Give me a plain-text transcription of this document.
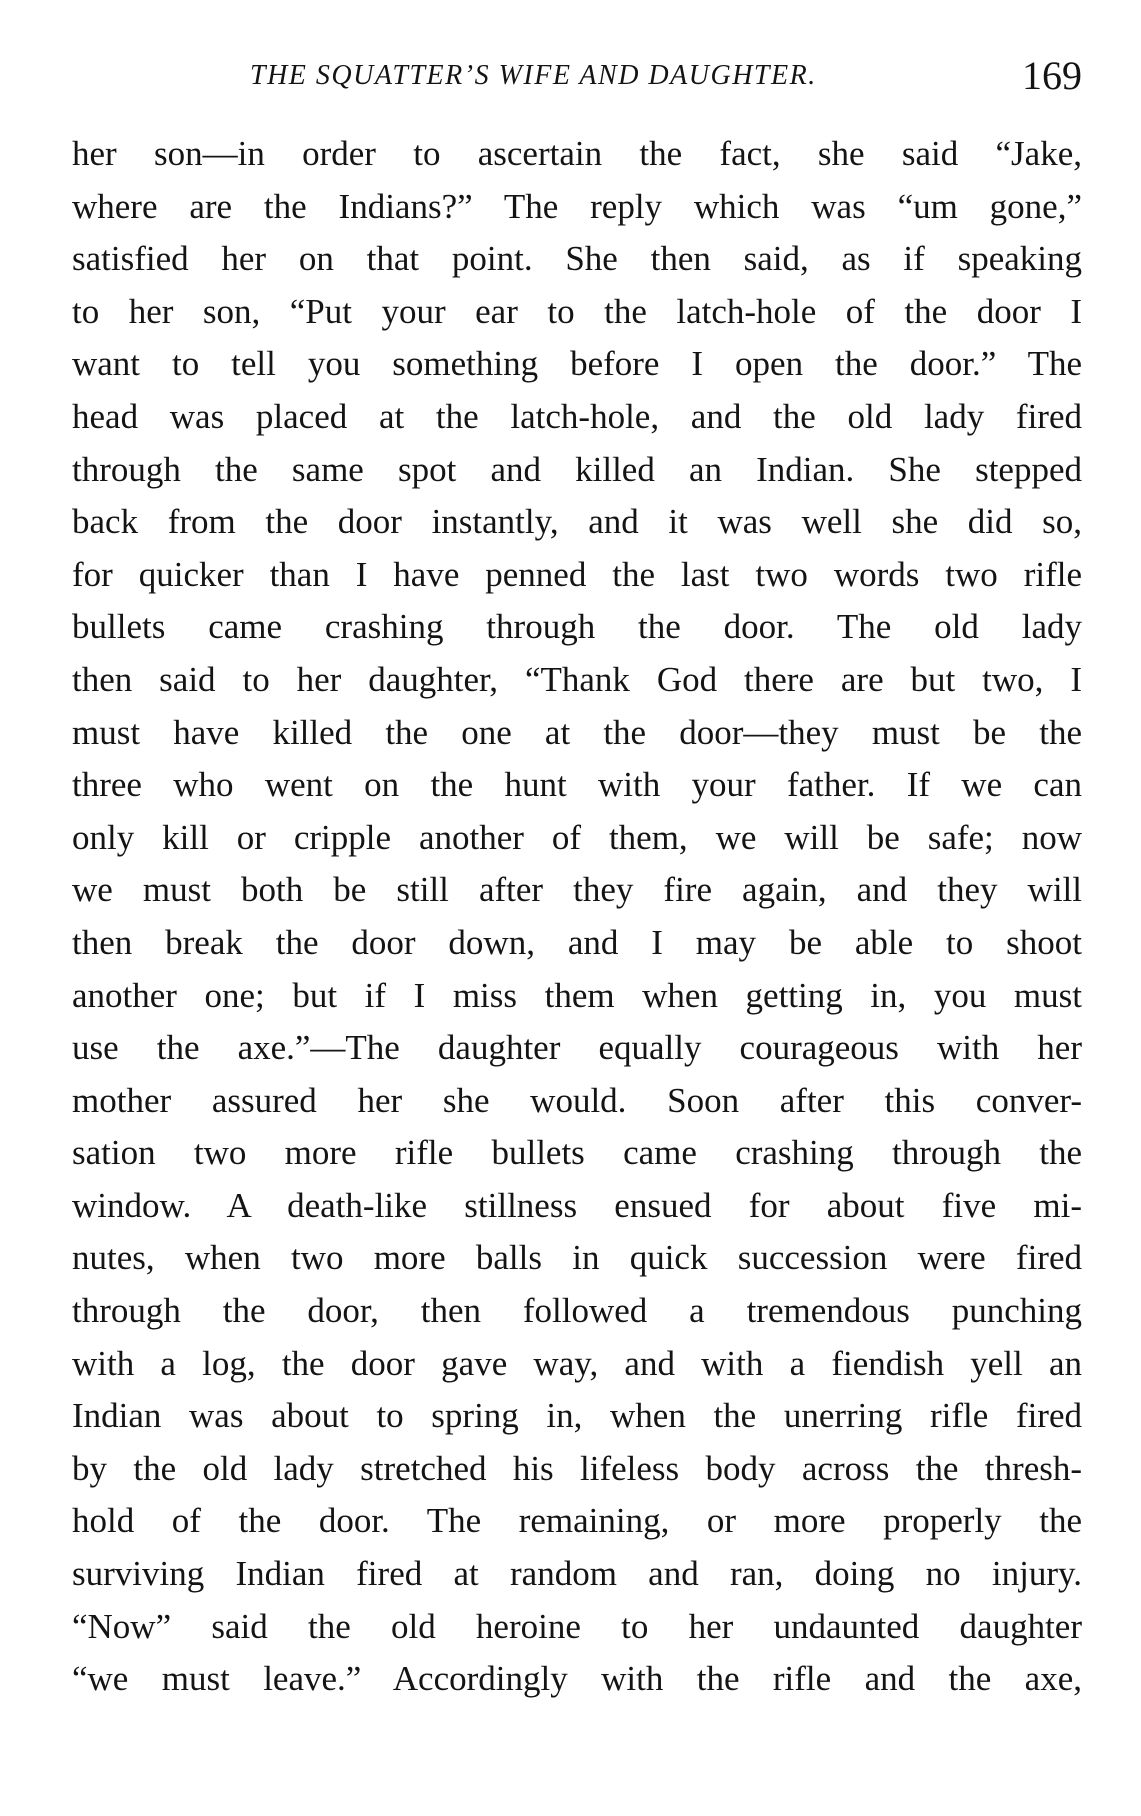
THE SQUATTER’S WIFE AND DAUGHTER.	169
her son—in order to ascertain the fact, she said “Jake,
where are the Indians?” The reply which was “um gone,”
satisfied her on that point. She then said, as if speaking
to her son, “Put your ear to the latch-hole of the door I
want to tell you something before I open the door.” The
head was placed at the latch-hole, and the old lady fired
through the same spot and killed an Indian. She stepped
back from the door instantly, and it was well she did so,
for quicker than I have penned the last two words two rifle
bullets came crashing through the door. The old lady
then said to her daughter, “Thank God there are but two, I
must have killed the one at the door—they must be the
three who went on the hunt with your father. If we can
only kill or cripple another of them, we will be safe; now
we must both be still after they fire again, and they will
then break the door down, and I may be able to shoot
another one; but if I miss them when getting in, you must
use the axe.”—The daughter equally courageous with her
mother assured her she would. Soon after this conver-
sation two more rifle bullets came crashing through the
window. A death-like stillness ensued for about five mi-
nutes, when two more balls in quick succession were fired
through the door, then followed a tremendous punching
with a log, the door gave way, and with a fiendish yell an
Indian was about to spring in, when the unerring rifle fired
by the old lady stretched his lifeless body across the thresh-
hold of the door. The remaining, or more properly the
surviving Indian fired at random and ran, doing no injury.
“Now” said the old heroine to her undaunted daughter
“we must leave.” Accordingly with the rifle and the axe,
